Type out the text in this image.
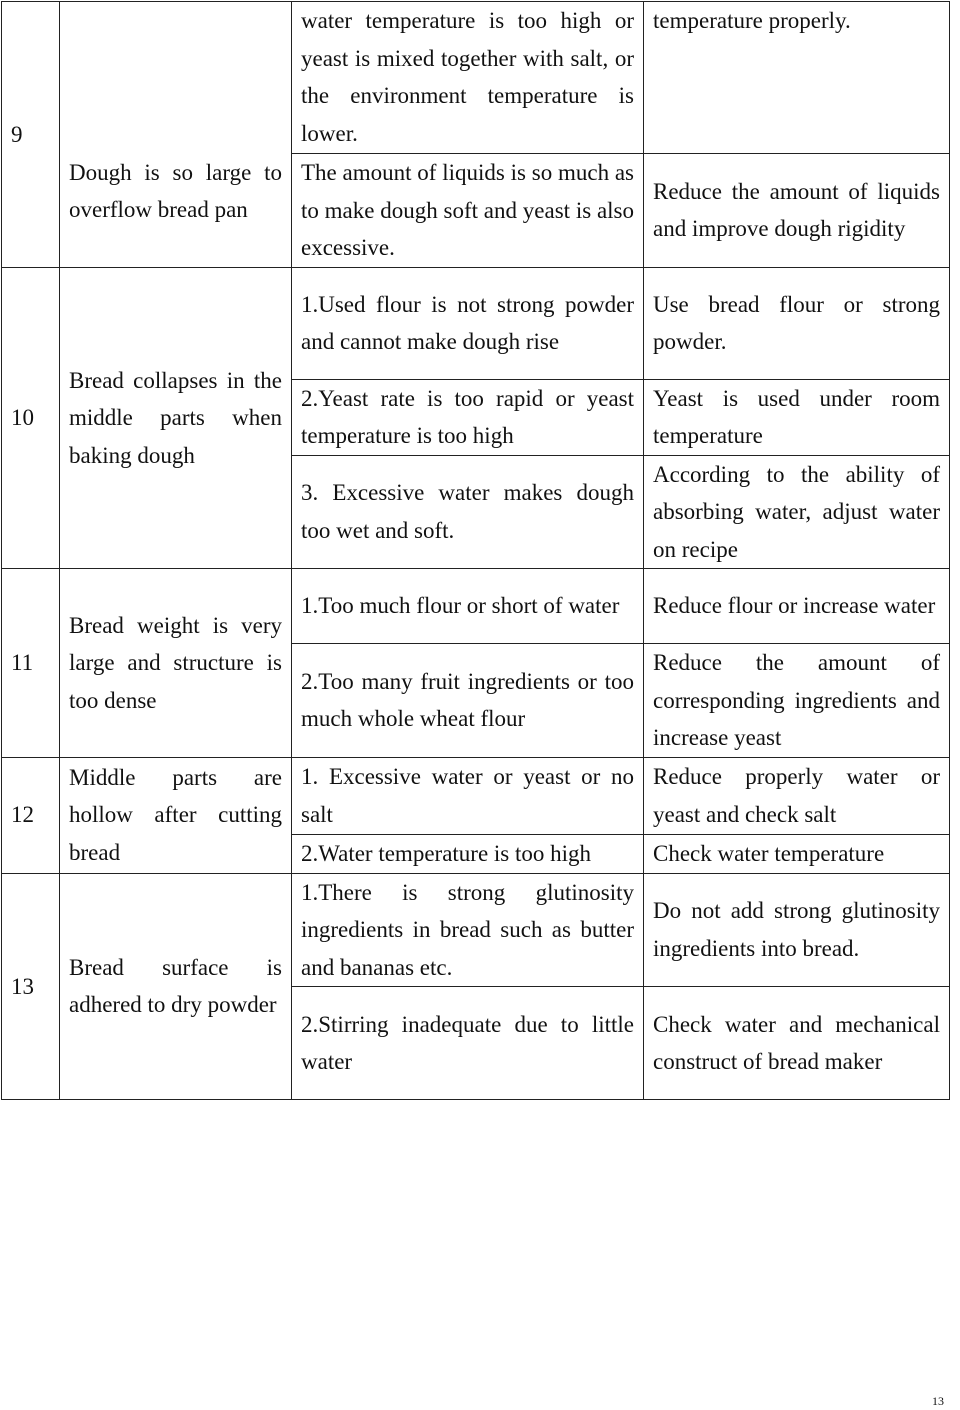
9		water temperature is too high or yeast is mixed together with salt, or the environment temperature is lower.	temperature properly.
	Dough is so large to overflow bread pan	The amount of liquids is so much as to make dough soft and yeast is also excessive.	Reduce the amount of liquids and improve dough rigidity
10	Bread collapses in the middle parts when baking dough	1.Used flour is not strong powder and cannot make dough rise	Use bread flour or strong powder.
		2.Yeast rate is too rapid or yeast temperature is too high	Yeast is used under room temperature
		3. Excessive water makes dough too wet and soft.	According to the ability of absorbing water, adjust water on recipe
11	Bread weight is very large and structure is too dense	1.Too much flour or short of water	Reduce flour or increase water
		2.Too many fruit ingredients or too much whole wheat flour	Reduce the amount of corresponding ingredients and increase yeast
12	Middle parts are hollow after cutting bread	1. Excessive water or yeast or no salt	Reduce properly water or yeast and check salt
		2.Water temperature is too high	Check water temperature
13	Bread surface is adhered to dry powder	1.There is strong glutinosity ingredients in bread such as butter and bananas etc.	Do not add strong glutinosity ingredients into bread.
		2.Stirring inadequate due to little water	Check water and mechanical construct of bread maker
13
